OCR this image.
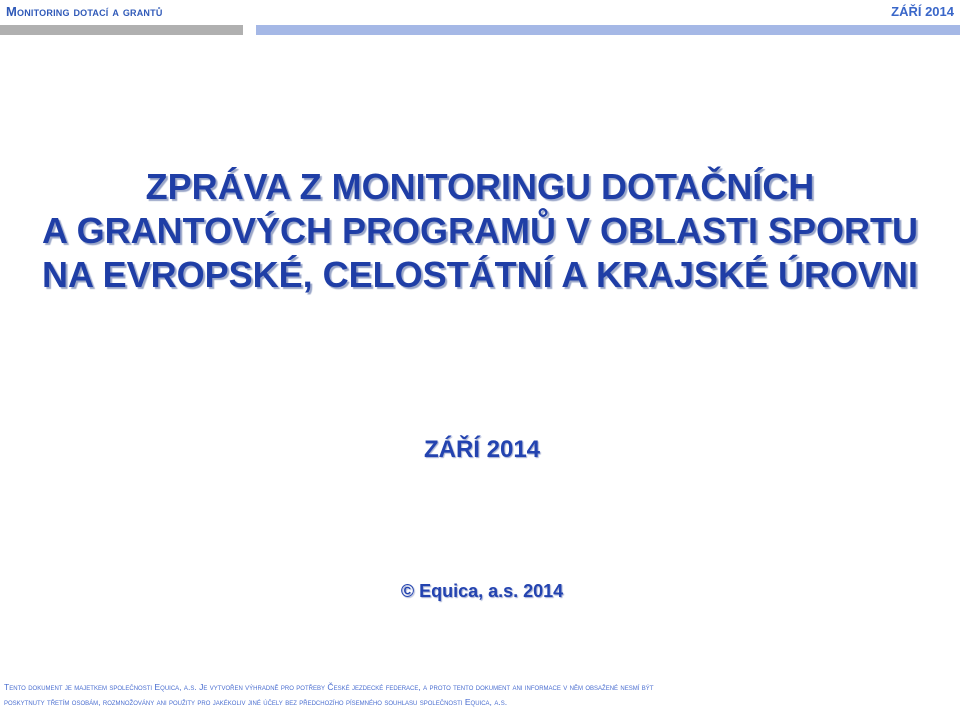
Monitoring dotací a grantů	ZÁŘÍ 2014
ZPRÁVA Z MONITORINGU DOTAČNÍCH
A GRANTOVÝCH PROGRAMŮ V OBLASTI SPORTU
NA EVROPSKÉ, CELOSTÁTNÍ A KRAJSKÉ ÚROVNI
ZÁŘÍ 2014
© Equica, a.s. 2014
Tento dokument je majetkem společnosti Equica, a.s. Je vytvořen výhradně pro potřeby České jezdecké federace, a proto tento dokument ani informace v něm obsažené nesmí být
poskytnuty třetím osobám, rozmnožovány ani použity pro jakékoliv jiné účely bez předchozího písemného souhlasu společnosti Equica, a.s.
